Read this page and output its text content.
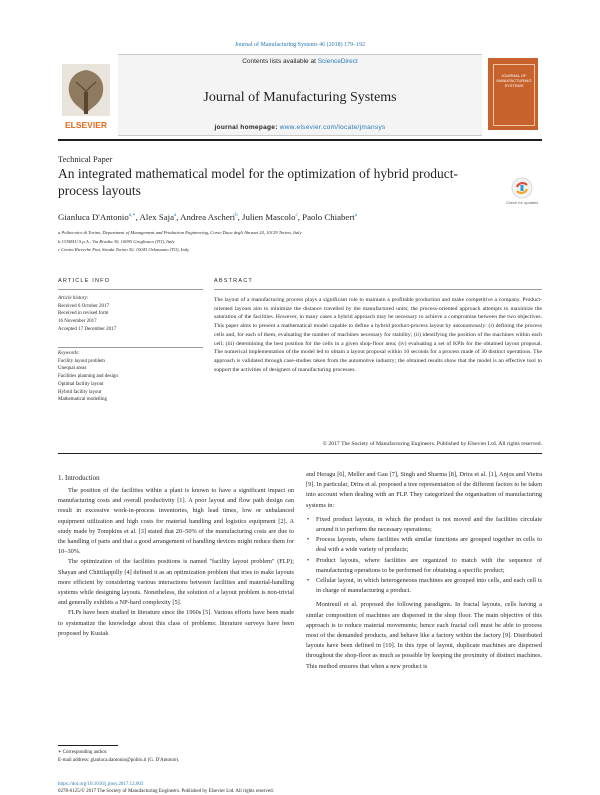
Journal of Manufacturing Systems 46 (2018) 179–192
ELSEVIER
Contents lists available at ScienceDirect
Journal of Manufacturing Systems
journal homepage: www.elsevier.com/locate/jmansys
JOURNAL OF MANUFACTURING SYSTEMS
Technical Paper
An integrated mathematical model for the optimization of hybrid product-process layouts
Check for updates
Gianluca D'Antonio$^{a,∗}$, Alex Saja$^a$, Andrea Ascheri$^b$, Julien Mascolo$^c$, Paolo Chiabert$^a$
a Politecnico di Torino, Department of Management and Production Engineering, Corso Duca degli Abruzzi 24, 10129 Torino, Italy
b COMAU S.p.A., Via Rivalta 30, 10095 Grugliasco (TO), Italy
c Centro Ricerche Fiat, Strada Torino 50, 10043 Orbassano (TO), Italy
ARTICLE INFO	ABSTRACT
Article history:
Received 6 October 2017
Received in revised form
16 November 2017
Accepted 17 December 2017
Keywords:
Facility layout problem
Unequal areas
Facilities planning and design
Optimal facility layout
Hybrid facility layout
Mathematical modelling
The layout of a manufacturing process plays a significant role to maintain a profitable production and make competitive a company. Product-oriented layouts aim to minimize the distance travelled by the manufactured units; the process-oriented approach attempts to maximize the saturation of the facilities. However, in many cases a hybrid approach may be necessary to achieve a compromise between the two objectives. This paper aims to present a mathematical model capable to define a hybrid product-process layout by autonomously: (i) defining the process cells and, for each of them, evaluating the number of machines necessary for stability; (ii) identifying the position of the machines within each cell; (iii) determining the best position for the cells in a given shop-floor area; (iv) evaluating a set of KPIs for the obtained layout proposal. The numerical implementation of the model led to obtain a layout proposal within 10 seconds for a process made of 30 distinct operations. The approach is validated through case-studies taken from the automotive industry; the obtained results show that the model is an effective tool to support the activities of designers of manufacturing processes.
© 2017 The Society of Manufacturing Engineers. Published by Elsevier Ltd. All rights reserved.
1. Introduction

The position of the facilities within a plant is known to have a significant impact on manufacturing costs and overall productivity [1]. A poor layout and flow path design can result in excessive work-in-process inventories, high lead times, low or unbalanced equipment utilization and high costs for material handling and logistics equipment [2]. A study made by Tompkins et al. [3] stated that 20–50% of the manufacturing costs are due to the handling of parts and that a good arrangement of handling devices might reduce them for 10–30%.

The optimization of the facilities positions is named "facility layout problem" (FLP); Shayan and Chittilappilly [4] defined it as an optimization problem that tries to make layouts more efficient by considering various interactions between facilities and material-handling systems while designing layouts. Nonetheless, the solution of a layout problem is non-trivial and generally exhibits a NP-hard complexity [5].

FLPs have been studied in literature since the 1960s [5]. Various efforts have been made to systematize the knowledge about this class of problems: literature surveys have been proposed by Kusiak

and Heragu [6], Meller and Gau [7], Singh and Sharma [8], Drira et al. [1], Anjos and Vieira [9]. In particular, Drira et al. proposed a tree representation of the different factors to be taken into account when dealing with an FLP. They categorized the organisation of manufacturing systems in:

• Fixed product layouts, in which the product is not moved and the facilities circulate around it to perform the necessary operations;
• Process layouts, where facilities with similar functions are grouped together in cells to deal with a wide variety of products;
• Product layouts, where facilities are organized to match with the sequence of manufacturing operations to be performed for obtaining a specific product;
• Cellular layout, in which heterogeneous machines are grouped into cells, and each cell is in charge of manufacturing a product.

Montreuil et al. proposed the following paradigms. In fractal layouts, cells having a similar composition of machines are dispersed in the shop floor. The main objective of this approach is to reduce material movements; hence each fractal cell must be able to process most of the demanded products, and behave like a factory within the factory [9]. Distributed layouts have been defined in [10]. In this type of layout, duplicate machines are dispersed throughout the shop-floor as much as possible by keeping the proximity of distinct machines. This method ensures that when a new product is

∗ Corresponding author.
E-mail address: gianluca.dantonio@polito.it (G. D'Antonio).
https://doi.org/10.1016/j.jmsy.2017.12.003
0278-6125/© 2017 The Society of Manufacturing Engineers. Published by Elsevier Ltd. All rights reserved.
